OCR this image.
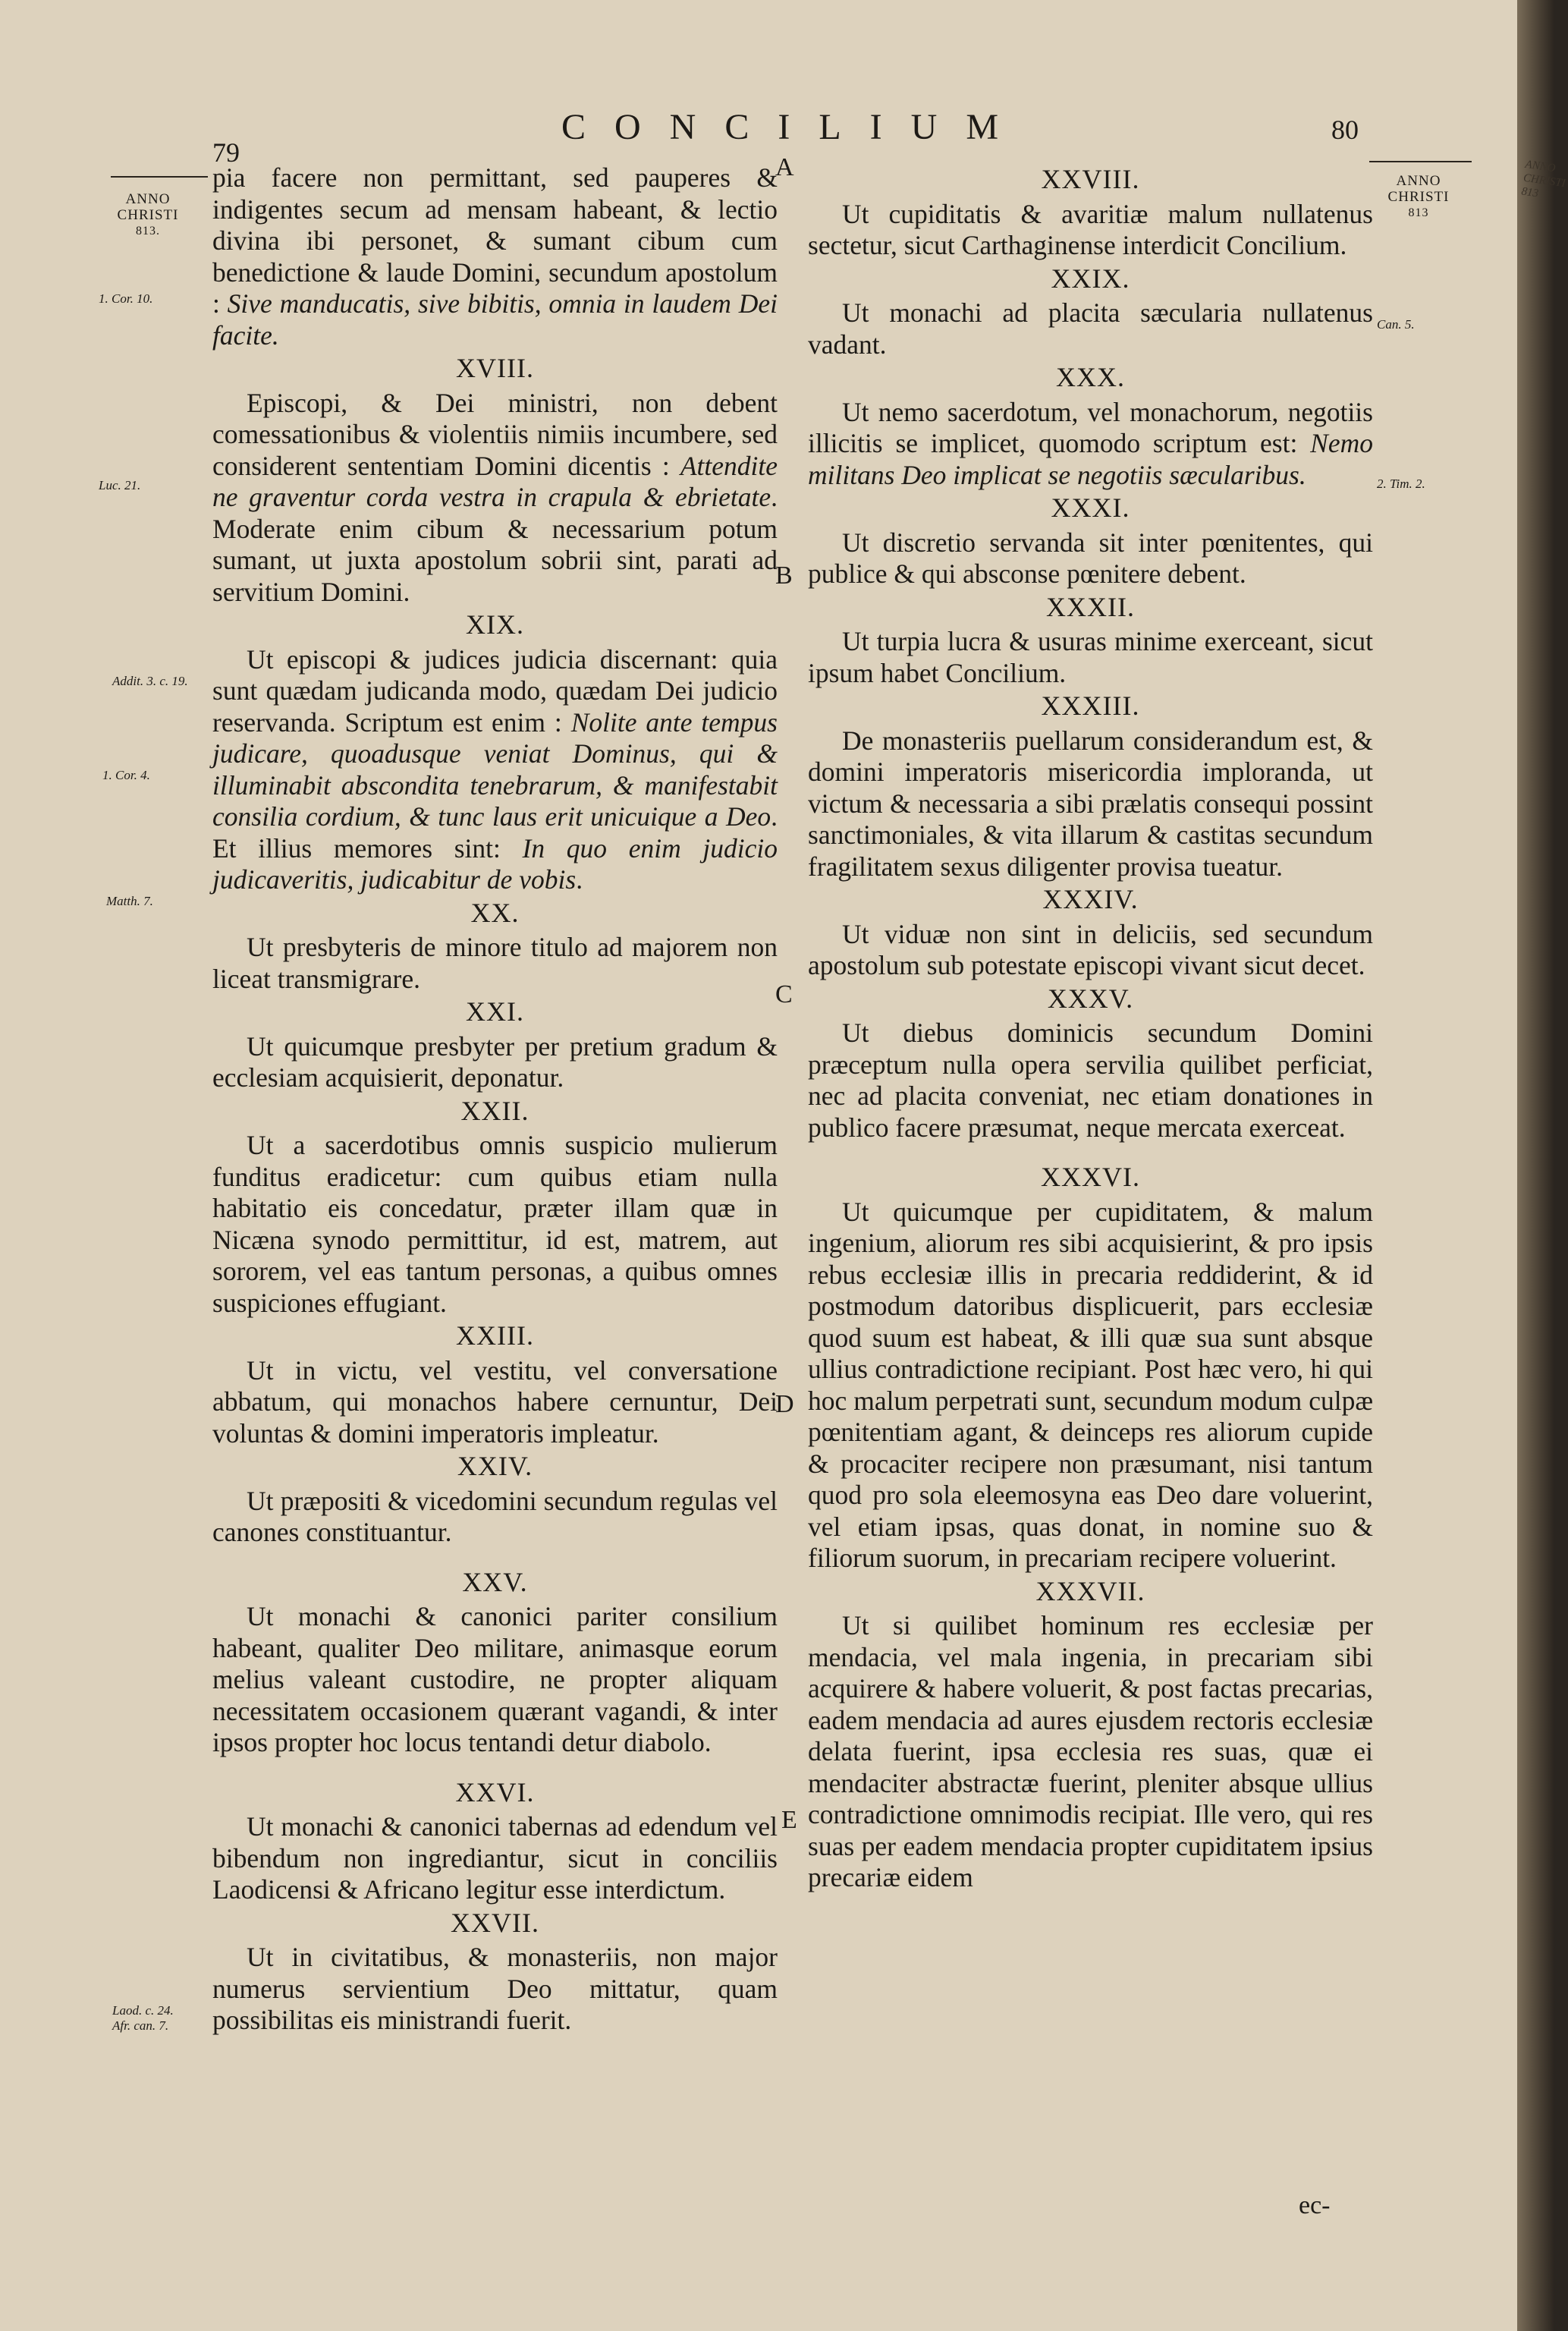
79
CONCILIUM	80
ANNO
CHRISTI
813.
1. Cor. 10.
Luc. 21.
Addit. 3. c. 19.
1. Cor. 4.
Matth. 7.
Laod. c. 24.
Afr. can. 7.
ANNO
CHRISTI
813
Can. 5.
2. Tim. 2.
A
B
C
D
E

pia facere non permittant, sed pauperes & indigentes secum ad mensam habeant, & lectio divina ibi personet, & sumant cibum cum benedictione & laude Domini, secundum apostolum : Sive manducatis, sive bibitis, omnia in laudem Dei facite.

XVIII.

Episcopi, & Dei ministri, non debent comessationibus & violentiis nimiis incumbere, sed considerent sententiam Domini dicentis : Attendite ne graventur corda vestra in crapula & ebrietate. Moderate enim cibum & necessarium potum sumant, ut juxta apostolum sobrii sint, parati ad servitium Domini.

XIX.

Ut episcopi & judices judicia discernant: quia sunt quædam judicanda modo, quædam Dei judicio reservanda. Scriptum est enim : Nolite ante tempus judicare, quoadusque veniat Dominus, qui & illuminabit abscondita tenebrarum, & manifestabit consilia cordium, & tunc laus erit unicuique a Deo. Et illius memores sint: In quo enim judicio judicaveritis, judicabitur de vobis.

XX.

Ut presbyteris de minore titulo ad majorem non liceat transmigrare.

XXI.

Ut quicumque presbyter per pretium gradum & ecclesiam acquisierit, deponatur.

XXII.

Ut a sacerdotibus omnis suspicio mulierum funditus eradicetur: cum quibus etiam nulla habitatio eis concedatur, præter illam quæ in Nicæna synodo permittitur, id est, matrem, aut sororem, vel eas tantum personas, a quibus omnes suspiciones effugiant.

XXIII.

Ut in victu, vel vestitu, vel conversatione abbatum, qui monachos habere cernuntur, Dei voluntas & domini imperatoris impleatur.

XXIV.

Ut præpositi & vicedomini secundum regulas vel canones constituantur.

XXV.

Ut monachi & canonici pariter consilium habeant, qualiter Deo militare, animasque eorum melius valeant custodire, ne propter aliquam necessitatem occasionem quærant vagandi, & inter ipsos propter hoc locus tentandi detur diabolo.

XXVI.

Ut monachi & canonici tabernas ad edendum vel bibendum non ingrediantur, sicut in conciliis Laodicensi & Africano legitur esse interdictum.

XXVII.

Ut in civitatibus, & monasteriis, non major numerus servientium Deo mittatur, quam possibilitas eis ministrandi fuerit.

XXVIII.

Ut cupiditatis & avaritiæ malum nullatenus sectetur, sicut Carthaginense interdicit Concilium.

XXIX.

Ut monachi ad placita sæcularia nullatenus vadant.

XXX.

Ut nemo sacerdotum, vel monachorum, negotiis illicitis se implicet, quomodo scriptum est: Nemo militans Deo implicat se negotiis sæcularibus.

XXXI.

Ut discretio servanda sit inter pœnitentes, qui publice & qui absconse pœnitere debent.

XXXII.

Ut turpia lucra & usuras minime exerceant, sicut ipsum habet Concilium.

XXXIII.

De monasteriis puellarum considerandum est, & domini imperatoris misericordia imploranda, ut victum & necessaria a sibi prælatis consequi possint sanctimoniales, & vita illarum & castitas secundum fragilitatem sexus diligenter provisa tueatur.

XXXIV.

Ut viduæ non sint in deliciis, sed secundum apostolum sub potestate episcopi vivant sicut decet.

XXXV.

Ut diebus dominicis secundum Domini præceptum nulla opera servilia quilibet perficiat, nec ad placita conveniat, nec etiam donationes in publico facere præsumat, neque mercata exerceat.

XXXVI.

Ut quicumque per cupiditatem, & malum ingenium, aliorum res sibi acquisierint, & pro ipsis rebus ecclesiæ illis in precaria reddiderint, & id postmodum datoribus displicuerit, pars ecclesiæ quod suum est habeat, & illi quæ sua sunt absque ullius contradictione recipiant. Post hæc vero, hi qui hoc malum perpetrati sunt, secundum modum culpæ pœnitentiam agant, & deinceps res aliorum cupide & procaciter recipere non præsumant, nisi tantum quod pro sola eleemosyna eas Deo dare voluerint, vel etiam ipsas, quas donat, in nomine suo & filiorum suorum, in precariam recipere voluerint.

XXXVII.

Ut si quilibet hominum res ecclesiæ per mendacia, vel mala ingenia, in precariam sibi acquirere & habere voluerit, & post factas precarias, eadem mendacia ad aures ejusdem rectoris ecclesiæ delata fuerint, ipsa ecclesia res suas, quæ ei mendaciter abstractæ fuerint, pleniter absque ullius contradictione omnimodis recipiat. Ille vero, qui res suas per eadem mendacia propter cupiditatem ipsius precariæ eidem

ec-
ANNO CHRISTI 813
